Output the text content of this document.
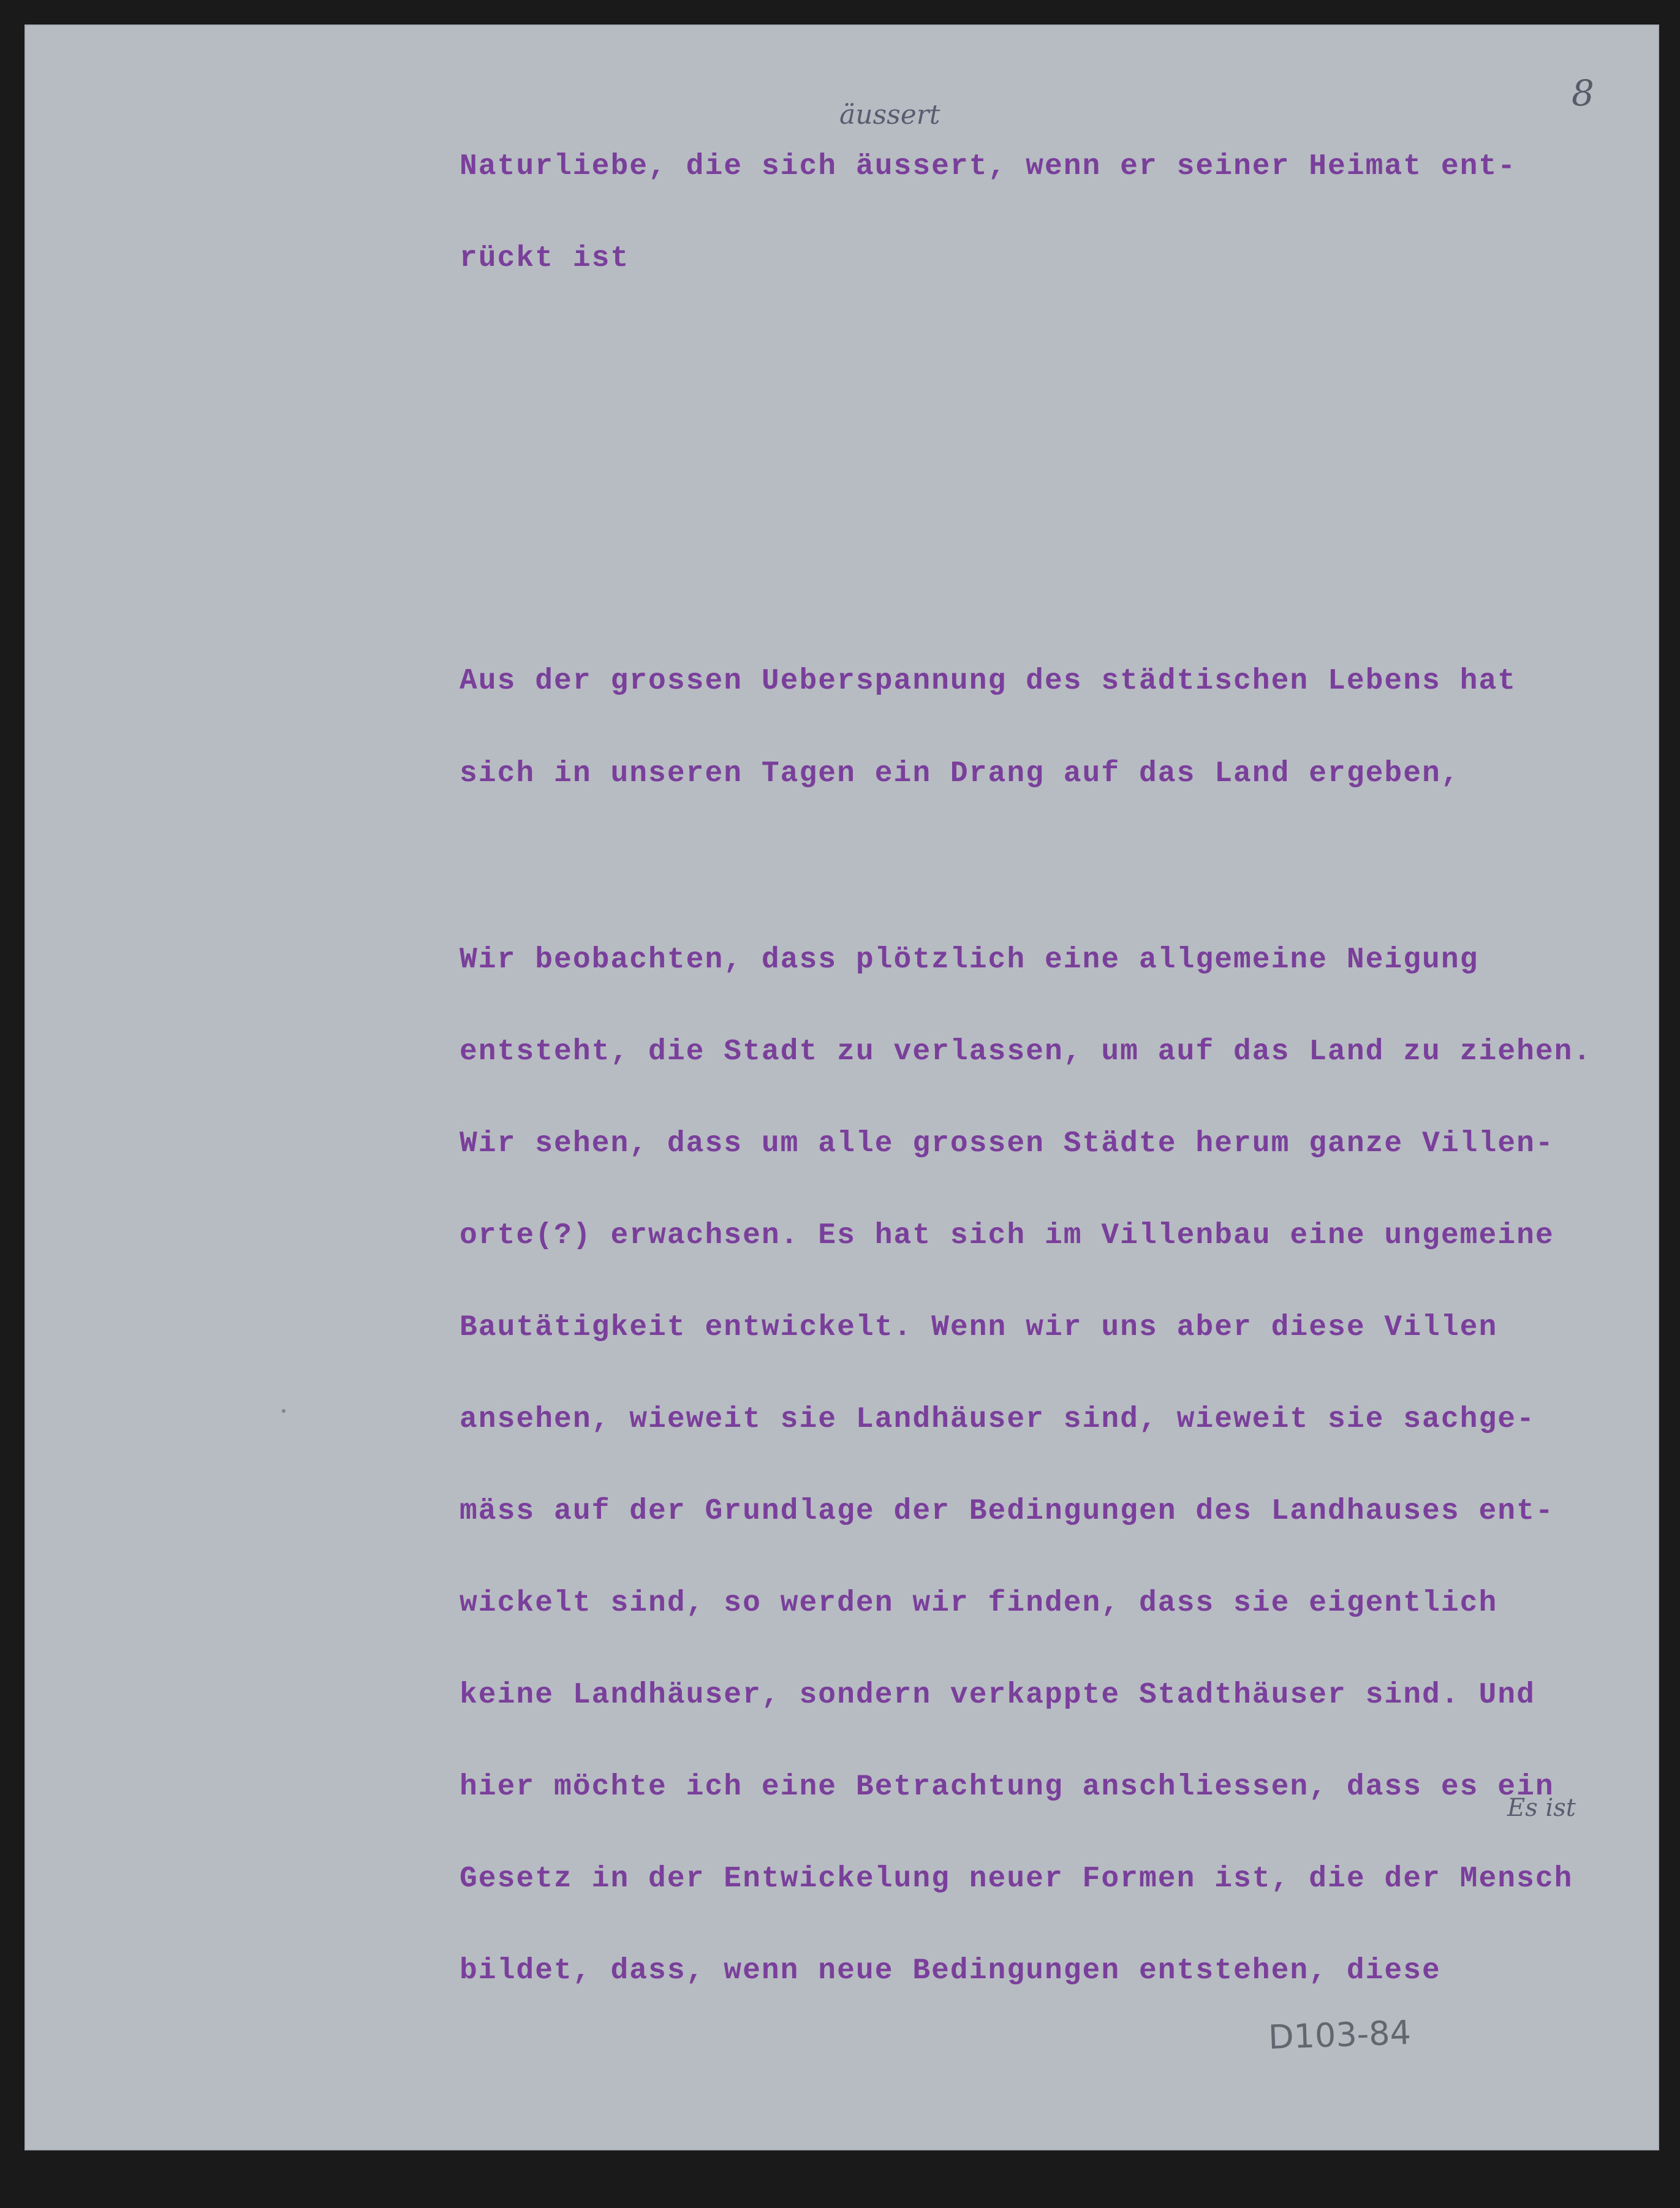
8
äussert
Es ist
Naturliebe, die sich äussert, wenn er seiner Heimat ent-
rückt ist
Aus der grossen Ueberspannung des städtischen Lebens hat
sich in unseren Tagen ein Drang auf das Land ergeben,
Wir beobachten, dass plötzlich eine allgemeine Neigung
entsteht, die Stadt zu verlassen, um auf das Land zu ziehen.
Wir sehen, dass um alle grossen Städte herum ganze Villen-
orte(?) erwachsen. Es hat sich im Villenbau eine ungemeine
Bautätigkeit entwickelt. Wenn wir uns aber diese Villen
ansehen, wieweit sie Landhäuser sind, wieweit sie sachge-
mäss auf der Grundlage der Bedingungen des Landhauses ent-
wickelt sind, so werden wir finden, dass sie eigentlich
keine Landhäuser, sondern verkappte Stadthäuser sind. Und
hier möchte ich eine Betrachtung anschliessen, dass es ein
Gesetz in der Entwickelung neuer Formen ist, die der Mensch
bildet, dass, wenn neue Bedingungen entstehen, diese
D103-84
